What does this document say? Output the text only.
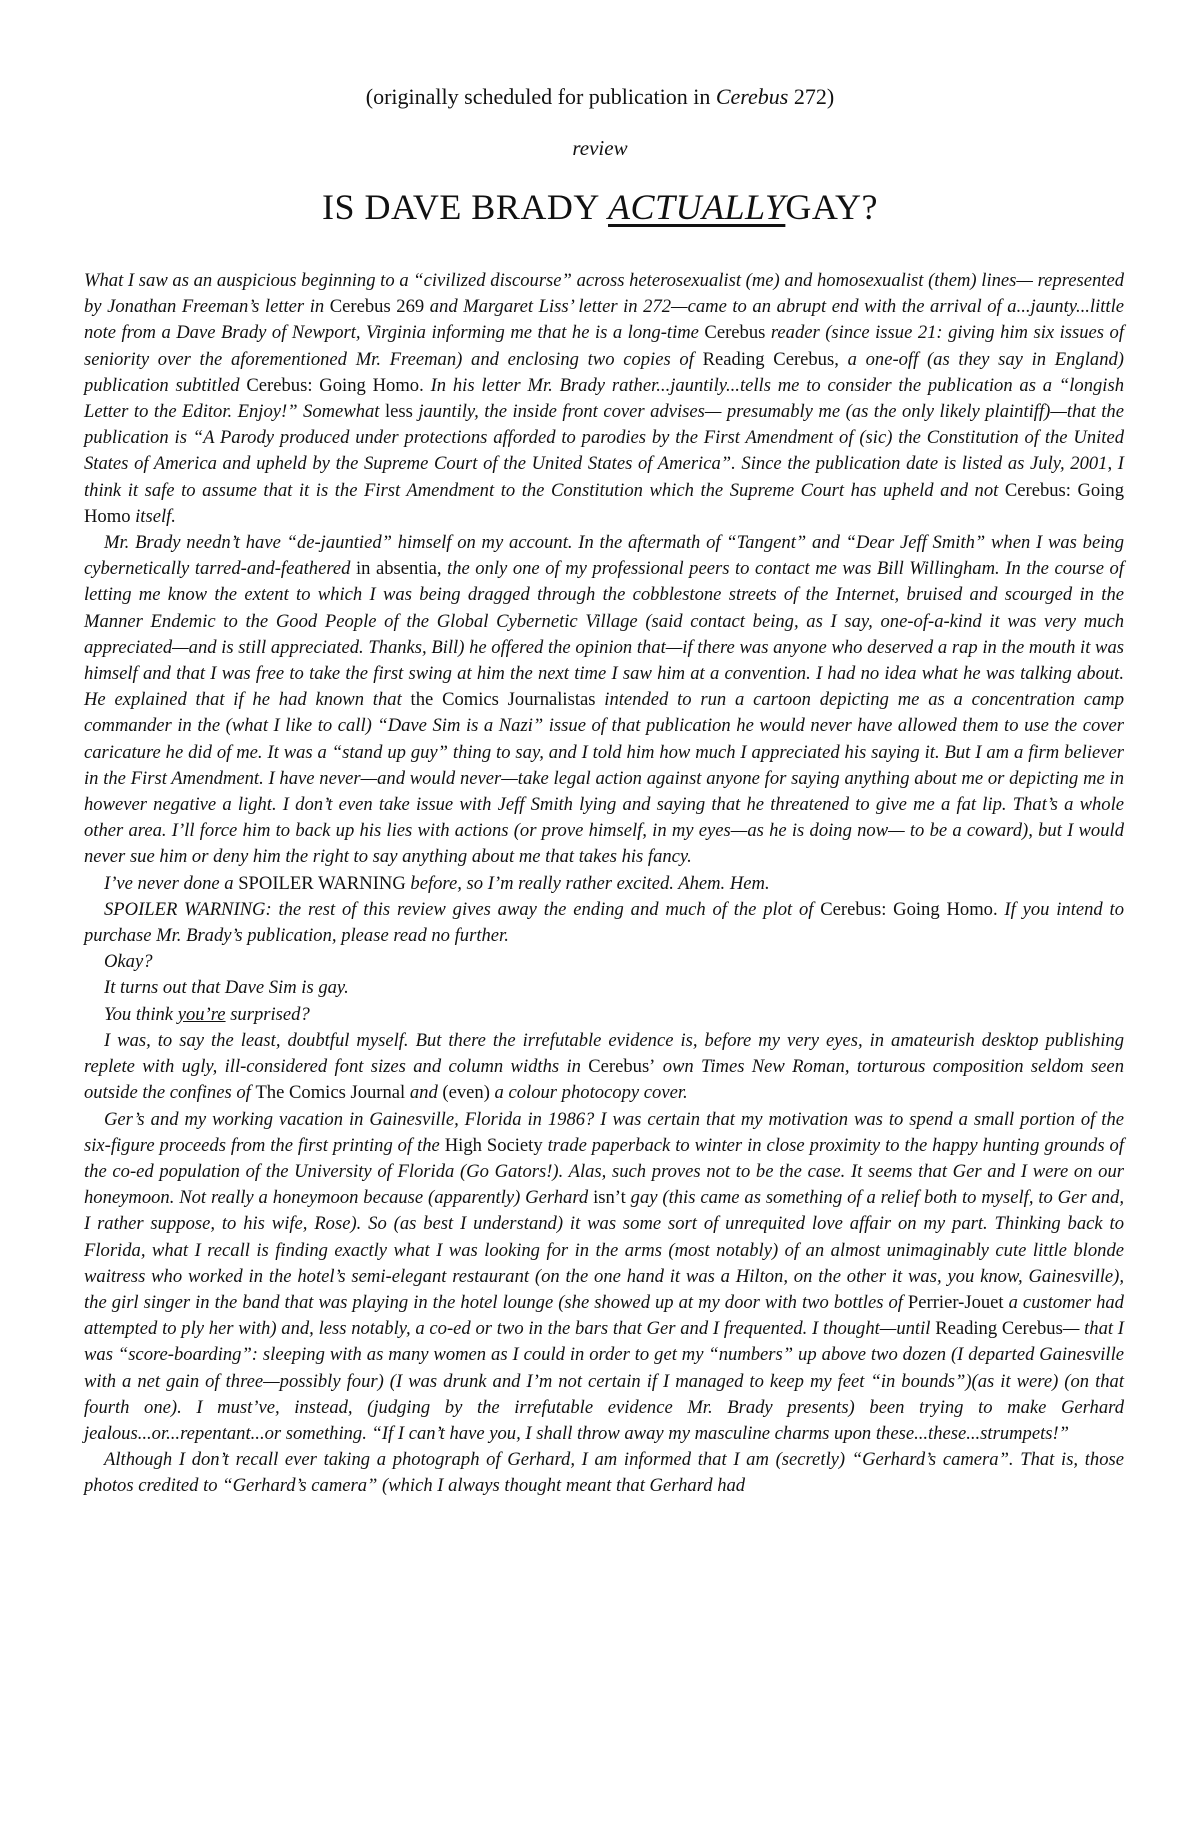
(originally scheduled for publication in Cerebus 272)
review
IS DAVE BRADY ACTUALLYGAY?

What I saw as an auspicious beginning to a “civilized discourse” across heterosexualist (me) and homosexualist (them) lines— represented by Jonathan Freeman’s letter in Cerebus 269 and Margaret Liss’ letter in 272—came to an abrupt end with the arrival of a...jaunty...little note from a Dave Brady of Newport, Virginia informing me that he is a long-time Cerebus reader (since issue 21: giving him six issues of seniority over the aforementioned Mr. Freeman) and enclosing two copies of Reading Cerebus, a one-off (as they say in England) publication subtitled Cerebus: Going Homo. In his letter Mr. Brady rather...jauntily...tells me to consider the publication as a “longish Letter to the Editor. Enjoy!” Somewhat less jauntily, the inside front cover advises— presumably me (as the only likely plaintiff)—that the publication is “A Parody produced under protections afforded to parodies by the First Amendment of (sic) the Constitution of the United States of America and upheld by the Supreme Court of the United States of America”. Since the publication date is listed as July, 2001, I think it safe to assume that it is the First Amendment to the Constitution which the Supreme Court has upheld and not Cerebus: Going Homo itself.

Mr. Brady needn’t have “de-jauntied” himself on my account. In the aftermath of “Tangent” and “Dear Jeff Smith” when I was being cybernetically tarred-and-feathered in absentia, the only one of my professional peers to contact me was Bill Willingham. In the course of letting me know the extent to which I was being dragged through the cobblestone streets of the Internet, bruised and scourged in the Manner Endemic to the Good People of the Global Cybernetic Village (said contact being, as I say, one-of-a-kind it was very much appreciated—and is still appreciated. Thanks, Bill) he offered the opinion that—if there was anyone who deserved a rap in the mouth it was himself and that I was free to take the first swing at him the next time I saw him at a convention. I had no idea what he was talking about. He explained that if he had known that the Comics Journalistas intended to run a cartoon depicting me as a concentration camp commander in the (what I like to call) “Dave Sim is a Nazi” issue of that publication he would never have allowed them to use the cover caricature he did of me. It was a “stand up guy” thing to say, and I told him how much I appreciated his saying it. But I am a firm believer in the First Amendment. I have never—and would never—take legal action against anyone for saying anything about me or depicting me in however negative a light. I don’t even take issue with Jeff Smith lying and saying that he threatened to give me a fat lip. That’s a whole other area. I’ll force him to back up his lies with actions (or prove himself, in my eyes—as he is doing now— to be a coward), but I would never sue him or deny him the right to say anything about me that takes his fancy.

I’ve never done a SPOILER WARNING before, so I’m really rather excited. Ahem. Hem.

SPOILER WARNING: the rest of this review gives away the ending and much of the plot of Cerebus: Going Homo. If you intend to purchase Mr. Brady’s publication, please read no further.

Okay?

It turns out that Dave Sim is gay.

You think you’re surprised?

I was, to say the least, doubtful myself. But there the irrefutable evidence is, before my very eyes, in amateurish desktop publishing replete with ugly, ill-considered font sizes and column widths in Cerebus’ own Times New Roman, torturous composition seldom seen outside the confines of The Comics Journal and (even) a colour photocopy cover.

Ger’s and my working vacation in Gainesville, Florida in 1986? I was certain that my motivation was to spend a small portion of the six-figure proceeds from the first printing of the High Society trade paperback to winter in close proximity to the happy hunting grounds of the co-ed population of the University of Florida (Go Gators!). Alas, such proves not to be the case. It seems that Ger and I were on our honeymoon. Not really a honeymoon because (apparently) Gerhard isn’t gay (this came as something of a relief both to myself, to Ger and, I rather suppose, to his wife, Rose). So (as best I understand) it was some sort of unrequited love affair on my part. Thinking back to Florida, what I recall is finding exactly what I was looking for in the arms (most notably) of an almost unimaginably cute little blonde waitress who worked in the hotel’s semi-elegant restaurant (on the one hand it was a Hilton, on the other it was, you know, Gainesville), the girl singer in the band that was playing in the hotel lounge (she showed up at my door with two bottles of Perrier-Jouet a customer had attempted to ply her with) and, less notably, a co-ed or two in the bars that Ger and I frequented. I thought—until Reading Cerebus— that I was “score-boarding”: sleeping with as many women as I could in order to get my “numbers” up above two dozen (I departed Gainesville with a net gain of three—possibly four) (I was drunk and I’m not certain if I managed to keep my feet “in bounds”)(as it were) (on that fourth one). I must’ve, instead, (judging by the irrefutable evidence Mr. Brady presents) been trying to make Gerhard jealous...or...repentant...or something. “If I can’t have you, I shall throw away my masculine charms upon these...these...strumpets!”

Although I don’t recall ever taking a photograph of Gerhard, I am informed that I am (secretly) “Gerhard’s camera”. That is, those photos credited to “Gerhard’s camera” (which I always thought meant that Gerhard had
